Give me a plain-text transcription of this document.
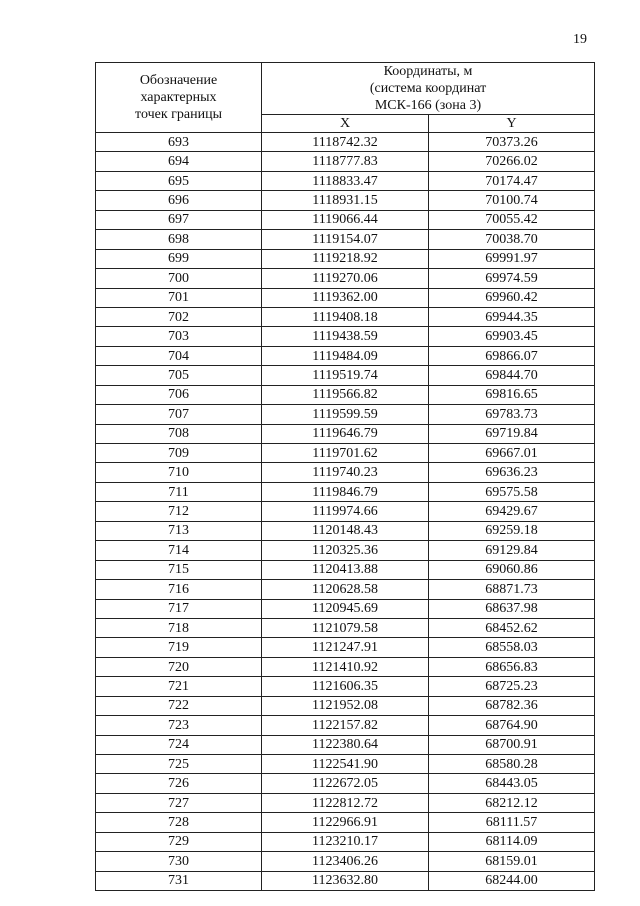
19
Обозначение
характерных
точек границы	Координаты, м
(система координат
МСК-166 (зона 3)	

	X	Y
693	1118742.32	70373.26
694	1118777.83	70266.02
695	1118833.47	70174.47
696	1118931.15	70100.74
697	1119066.44	70055.42
698	1119154.07	70038.70
699	1119218.92	69991.97
700	1119270.06	69974.59
701	1119362.00	69960.42
702	1119408.18	69944.35
703	1119438.59	69903.45
704	1119484.09	69866.07
705	1119519.74	69844.70
706	1119566.82	69816.65
707	1119599.59	69783.73
708	1119646.79	69719.84
709	1119701.62	69667.01
710	1119740.23	69636.23
711	1119846.79	69575.58
712	1119974.66	69429.67
713	1120148.43	69259.18
714	1120325.36	69129.84
715	1120413.88	69060.86
716	1120628.58	68871.73
717	1120945.69	68637.98
718	1121079.58	68452.62
719	1121247.91	68558.03
720	1121410.92	68656.83
721	1121606.35	68725.23
722	1121952.08	68782.36
723	1122157.82	68764.90
724	1122380.64	68700.91
725	1122541.90	68580.28
726	1122672.05	68443.05
727	1122812.72	68212.12
728	1122966.91	68111.57
729	1123210.17	68114.09
730	1123406.26	68159.01
731	1123632.80	68244.00
